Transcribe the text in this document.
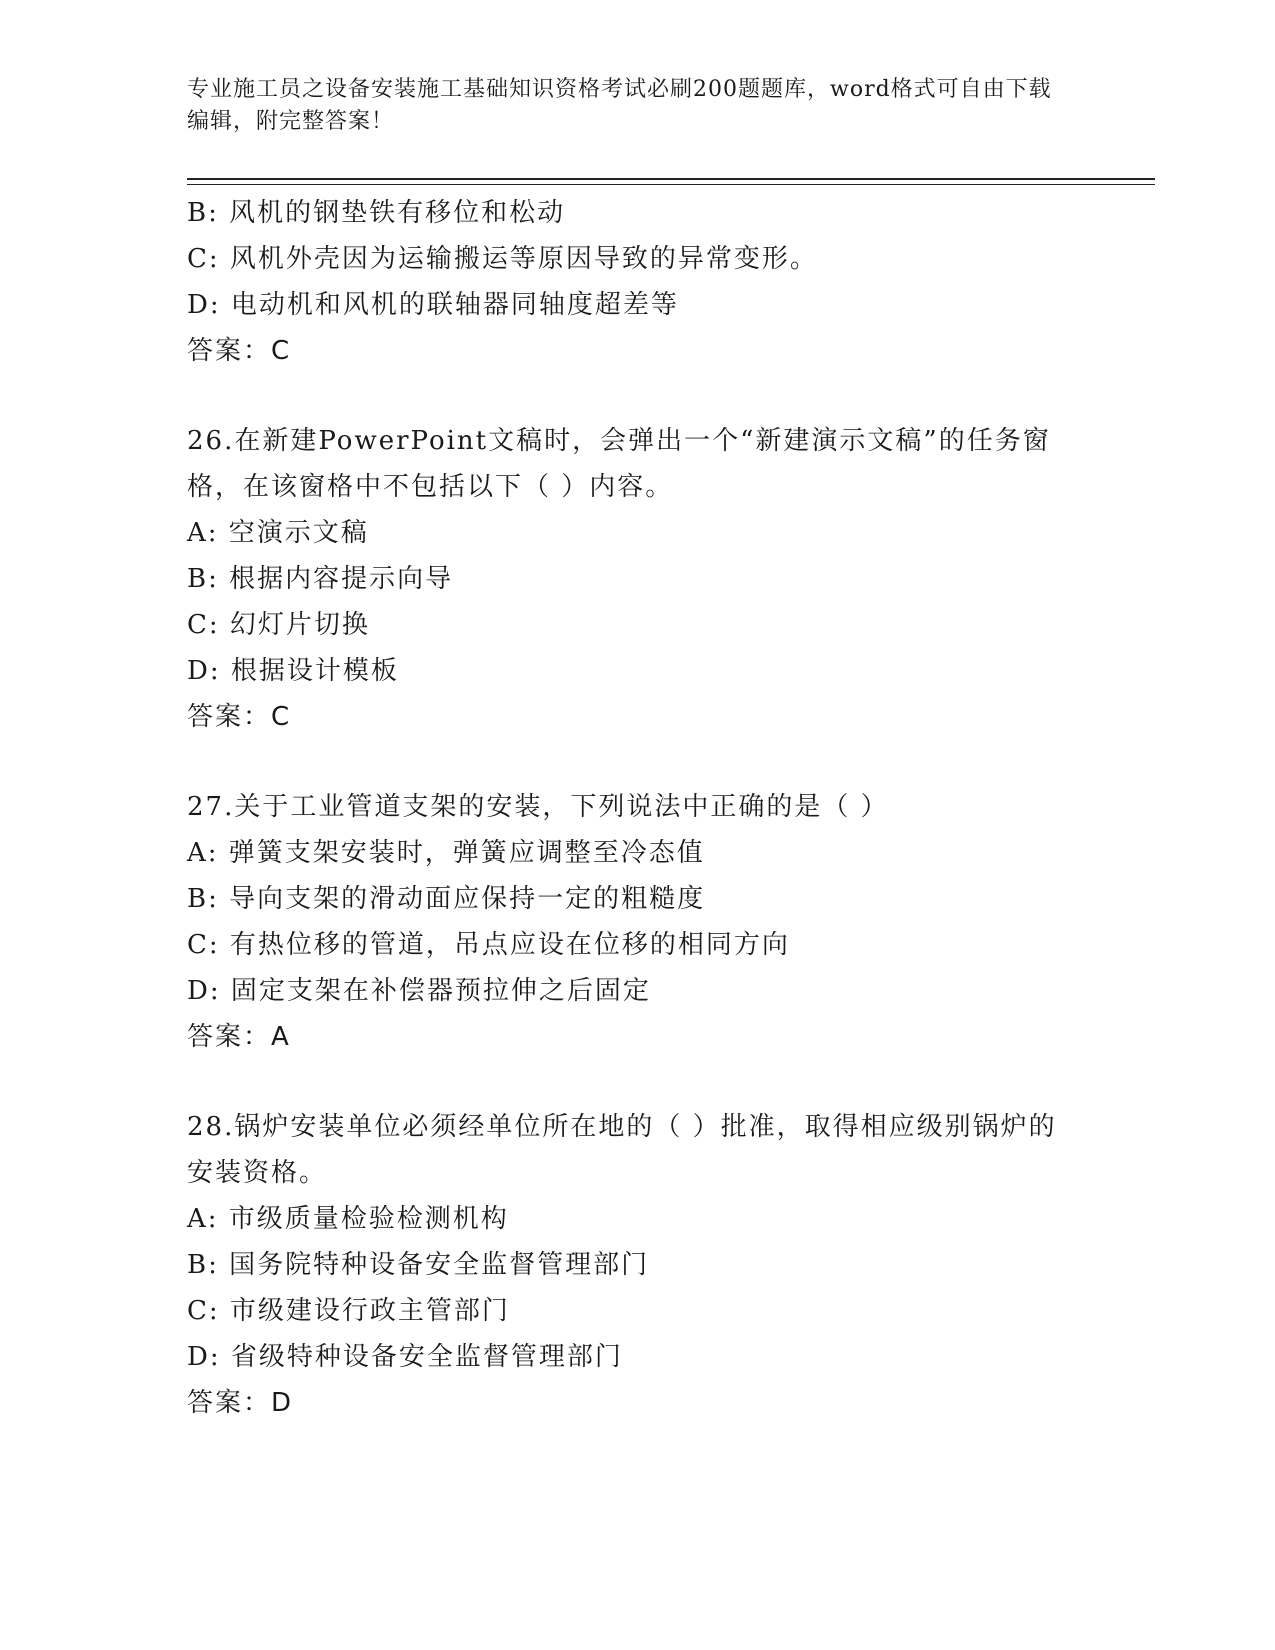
专业施工员之设备安装施工基础知识资格考试必刷200题题库，word格式可自由下载编辑，附完整答案！
B: 风机的钢垫铁有移位和松动
C: 风机外壳因为运输搬运等原因导致的异常变形。
D: 电动机和风机的联轴器同轴度超差等
答案：C
26.在新建PowerPoint文稿时，会弹出一个“新建演示文稿”的任务窗格，在该窗格中不包括以下（ ）内容。
A: 空演示文稿
B: 根据内容提示向导
C: 幻灯片切换
D: 根据设计模板
答案：C
27.关于工业管道支架的安装，下列说法中正确的是（ ）
A: 弹簧支架安装时，弹簧应调整至冷态值
B: 导向支架的滑动面应保持一定的粗糙度
C: 有热位移的管道，吊点应设在位移的相同方向
D: 固定支架在补偿器预拉伸之后固定
答案：A
28.锅炉安装单位必须经单位所在地的（ ）批准，取得相应级别锅炉的安装资格。
A: 市级质量检验检测机构
B: 国务院特种设备安全监督管理部门
C: 市级建设行政主管部门
D: 省级特种设备安全监督管理部门
答案：D
